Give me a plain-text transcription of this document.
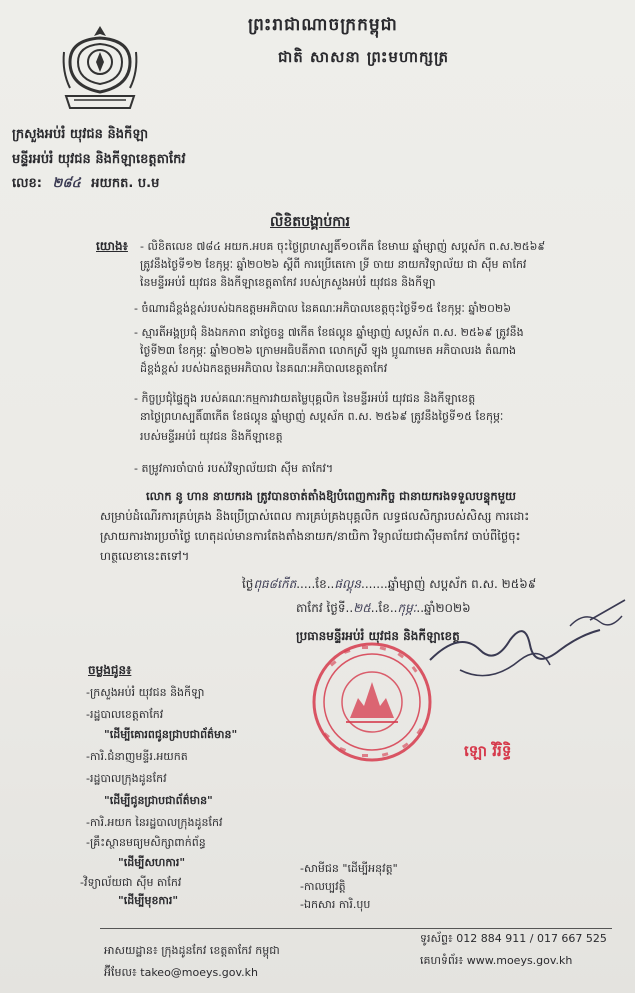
ព្រះរាជាណាចក្រកម្ពុជា
ជាតិ សាសនា ព្រះមហាក្សត្រ
ក្រសួងអប់រំ យុវជន និងកីឡា
មន្ទីរអប់រំ យុវជន និងកីឡាខេត្តតាកែវ
លេខ: ២៨៤ អយកត. ប.ម
លិខិតបង្គាប់ការ
យោង៖ - លិខិតលេខ ៧៨៤ អយក.អបគ ចុះថ្ងៃព្រហស្បតិ៍១០កើត ខែមាឃ ឆ្នាំម្សាញ់ សប្តស័ក ព.ស.២៥៦៩
ត្រូវនឹងថ្ងៃទី១២ ខែកុម្ភៈ ឆ្នាំ២០២៦ ស្តីពី ការប្រើតេកោ ទ្រី ចាយ នាយកវិទ្យាល័យ ជា ស៊ីម តាកែវ
នៃមន្ទីរអប់រំ យុវជន និងកីឡាខេត្តតាកែវ របស់ក្រសួងអប់រំ យុវជន និងកីឡា
- ចំណារដ៏ខ្ពង់ខ្ពស់របស់ឯកឧត្តមអភិបាល នៃគណៈអភិបាលខេត្តចុះថ្ងៃទី១៥ ខែកុម្ភៈ ឆ្នាំ២០២៦
- ស្មារតីអង្គប្រជុំ និងឯកភាព នាថ្ងៃចន្ទ ៧កើត ខែផល្គុន ឆ្នាំម្សាញ់ សប្តស័ក ព.ស. ២៥៦៩ ត្រូវនឹង
ថ្ងៃទី២៣ ខែកុម្ភៈ ឆ្នាំ២០២៦ ក្រោមអធិបតីភាព លោកស្រី ឡុង ប្អូណាមេត អភិបាលរង តំណាង
ដ៏ខ្ពង់ខ្ពស់ របស់ឯកឧត្តមអភិបាល នៃគណៈអភិបាលខេត្តតាកែវ
- កិច្ចប្រជុំផ្ទៃក្នុង របស់គណៈកម្មការវាយតម្លៃបុគ្គលិក នៃមន្ទីរអប់រំ យុវជន និងកីឡាខេត្ត
នាថ្ងៃព្រហស្បតិ៍៣កើត ខែផល្គុន ឆ្នាំម្សាញ់ សប្តស័ក ព.ស. ២៥៦៩ ត្រូវនឹងថ្ងៃទី១៥ ខែកុម្ភៈ
របស់មន្ទីរអប់រំ យុវជន និងកីឡាខេត្ត
- តម្រូវការចាំបាច់ របស់វិទ្យាល័យជា ស៊ីម តាកែវ។
លោក នូ ហាន នាយករង ត្រូវបានចាត់តាំងឱ្យបំពេញការកិច្ច ជានាយករងទទួលបន្ទុកមួយ
សម្រាប់ដំណើរការគ្រប់គ្រង និងប្រើប្រាស់ពេល ការគ្រប់គ្រងបុគ្គលិក លទ្ធផលសិក្សារបស់សិស្ស ការដោះ
ស្រាយការងារប្រចាំថ្ងៃ ហេតុដល់មានការតែងតាំងនាយក/នាយិកា វិទ្យាល័យជាស៊ីមតាកែវ ចាប់ពីថ្ងៃចុះ
ហត្ថលេខានេះតទៅ។
ថ្ងៃពុធ៨កើត.....ខែ..ផល្គុន.......ឆ្នាំម្សាញ់ សប្តស័ក ព.ស. ២៥៦៩
តាកែវ ថ្ងៃទី..២៥..ខែ..កុម្ភៈ..ឆ្នាំ២០២៦
ប្រធានមន្ទីរអប់រំ យុវជន និងកីឡាខេត្ត
ឡោ វិរិទ្ធិ
ចម្លងជូន៖
-ក្រសួងអប់រំ យុវជន និងកីឡា
-រដ្ឋបាលខេត្តតាកែវ
"ដើម្បីគោរពជូនជ្រាបជាព័ត៌មាន"
-ការិ.ជំនាញមន្ទីរ.អយកត
-រដ្ឋបាលក្រុងដូនកែវ
"ដើម្បីជូនជ្រាបជាព័ត៌មាន"
-ការិ.អយក នៃរដ្ឋបាលក្រុងដូនកែវ
-គ្រឹះស្ថានមធ្យមសិក្សាពាក់ព័ន្ធ
"ដើម្បីសហការ"
-វិទ្យាល័យជា ស៊ីម តាកែវ
"ដើម្បីមុខការ"
-សាមីជន "ដើម្បីអនុវត្ត"
-កាលប្បវត្តិ
-ឯកសារ ការិ.បុប
អាសយដ្ឋាន៖ ក្រុងដូនកែវ ខេត្តតាកែវ កម្ពុជា
អ៊ីមែល៖ takeo@moeys.gov.kh
ទូរស័ព្ទ៖ 012 884 911 / 017 667 525
គេហទំព័រ៖ www.moeys.gov.kh
